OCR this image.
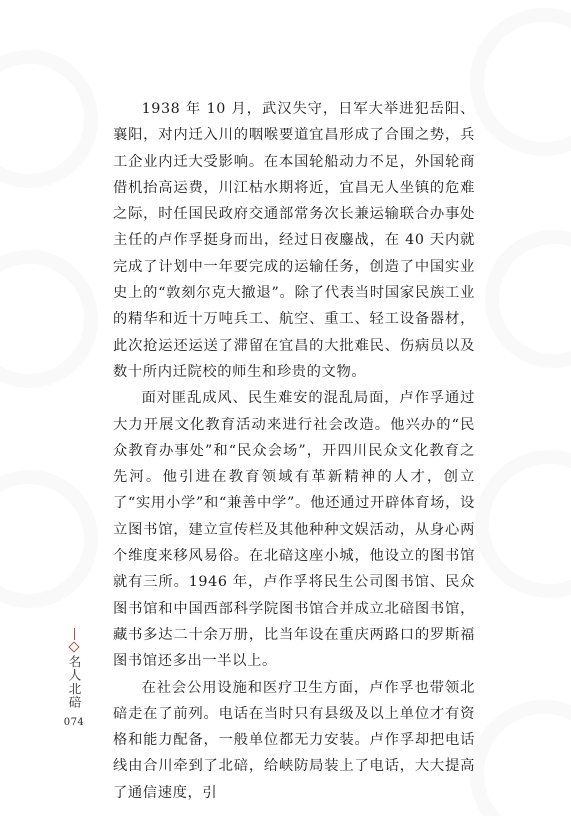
1938 年 10 月，武汉失守，日军大举进犯岳阳、襄阳，对内迁入川的咽喉要道宜昌形成了合围之势，兵工企业内迁大受影响。在本国轮船动力不足，外国轮商借机抬高运费，川江枯水期将近，宜昌无人坐镇的危难之际，时任国民政府交通部常务次长兼运输联合办事处主任的卢作孚挺身而出，经过日夜鏖战，在 40 天内就完成了计划中一年要完成的运输任务，创造了中国实业史上的“敦刻尔克大撤退”。除了代表当时国家民族工业的精华和近十万吨兵工、航空、重工、轻工设备器材，此次抢运还运送了滞留在宜昌的大批难民、伤病员以及数十所内迁院校的师生和珍贵的文物。

面对匪乱成风、民生难安的混乱局面，卢作孚通过大力开展文化教育活动来进行社会改造。他兴办的“民众教育办事处”和“民众会场”，开四川民众文化教育之先河。他引进在教育领域有革新精神的人才，创立了“实用小学”和“兼善中学”。他还通过开辟体育场，设立图书馆，建立宣传栏及其他种种文娱活动，从身心两个维度来移风易俗。在北碚这座小城，他设立的图书馆就有三所。1946 年，卢作孚将民生公司图书馆、民众图书馆和中国西部科学院图书馆合并成立北碚图书馆，藏书多达二十余万册，比当年设在重庆两路口的罗斯福图书馆还多出一半以上。

在社会公用设施和医疗卫生方面，卢作孚也带领北碚走在了前列。电话在当时只有县级及以上单位才有资格和能力配备，一般单位都无力安装。卢作孚却把电话线由合川牵到了北碚，给峡防局装上了电话，大大提高了通信速度，引

名人北碚
074
